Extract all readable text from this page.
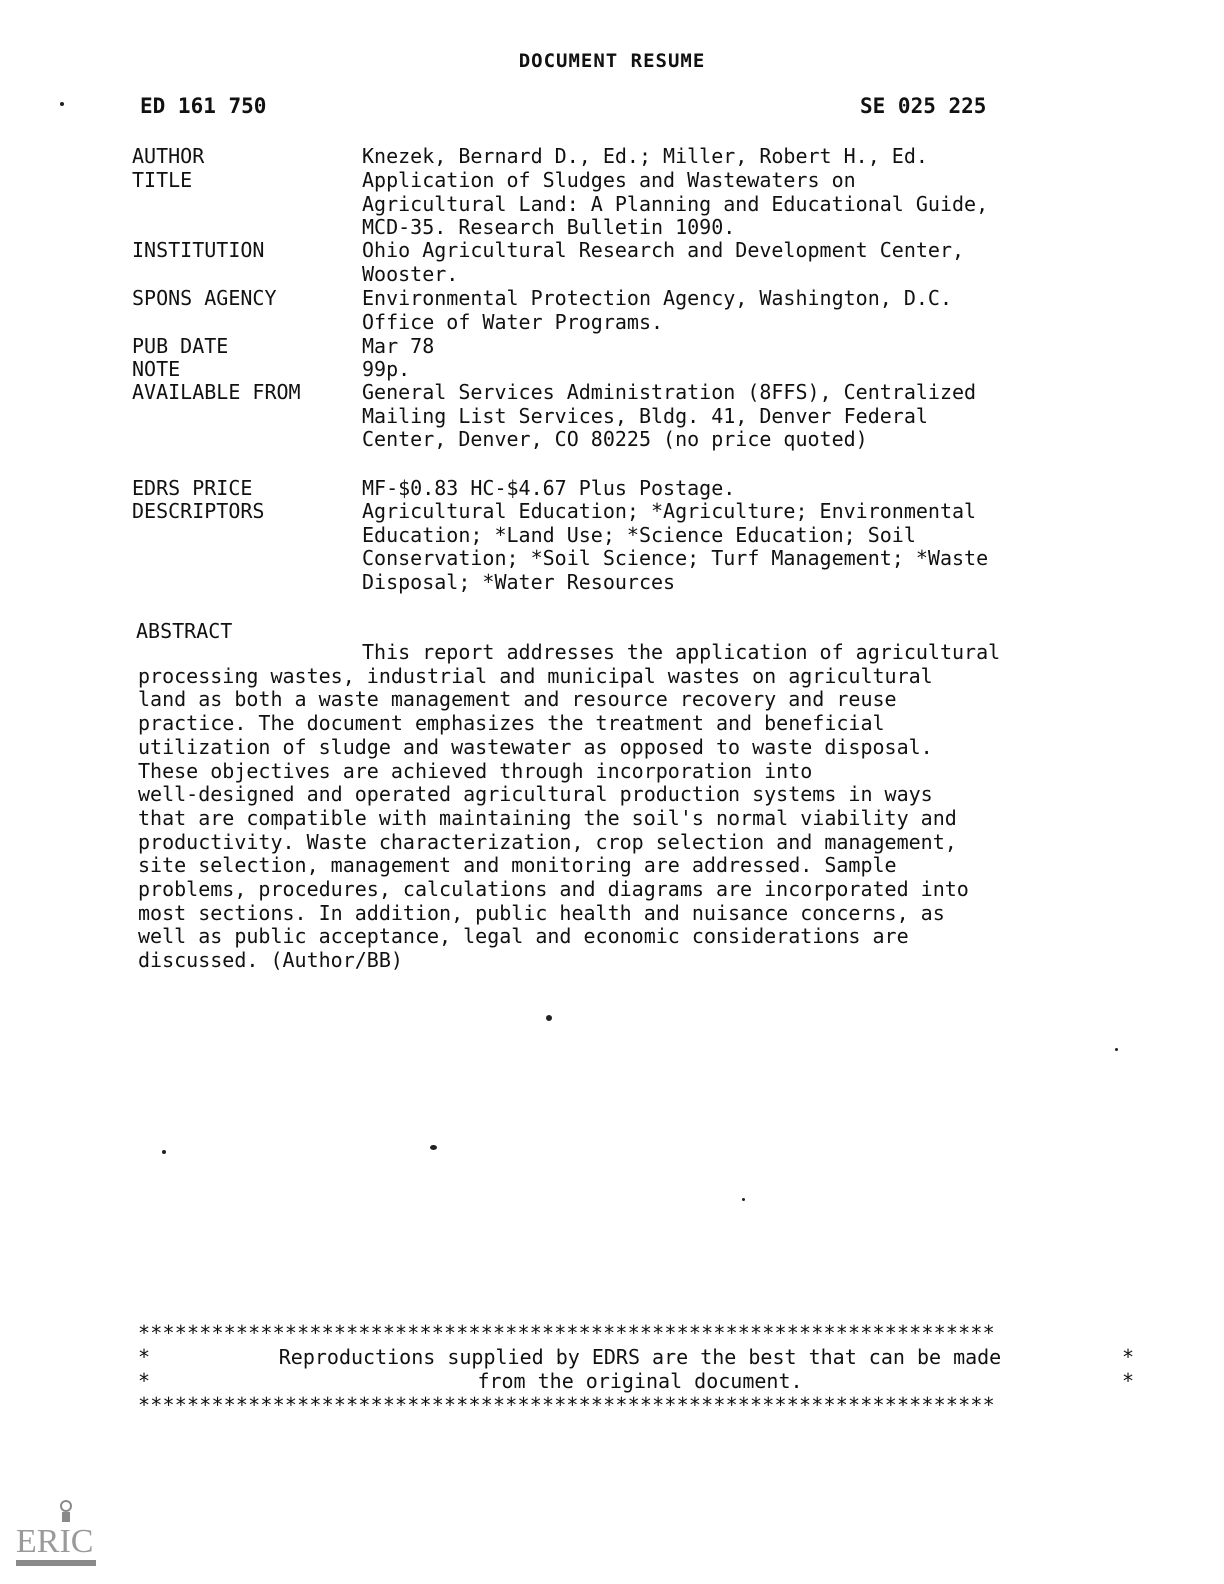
DOCUMENT RESUME
ED 161 750	SE 025 225
AUTHOR	Knezek, Bernard D., Ed.; Miller, Robert H., Ed.
TITLE	Application of Sludges and Wastewaters on
Agricultural Land: A Planning and Educational Guide,
MCD-35. Research Bulletin 1090.
INSTITUTION	Ohio Agricultural Research and Development Center,
Wooster.
SPONS AGENCY	Environmental Protection Agency, Washington, D.C.
Office of Water Programs.
PUB DATE	Mar 78
NOTE	99p.
AVAILABLE FROM	General Services Administration (8FFS), Centralized
Mailing List Services, Bldg. 41, Denver Federal
Center, Denver, CO 80225 (no price quoted)
EDRS PRICE	MF-$0.83 HC-$4.67 Plus Postage.
DESCRIPTORS	Agricultural Education; *Agriculture; Environmental
Education; *Land Use; *Science Education; Soil
Conservation; *Soil Science; Turf Management; *Waste
Disposal; *Water Resources
ABSTRACT
This report addresses the application of agricultural
processing wastes, industrial and municipal wastes on agricultural
land as both a waste management and resource recovery and reuse
practice. The document emphasizes the treatment and beneficial
utilization of sludge and wastewater as opposed to waste disposal.
These objectives are achieved through incorporation into
well-designed and operated agricultural production systems in ways
that are compatible with maintaining the soil's normal viability and
productivity. Waste characterization, crop selection and management,
site selection, management and monitoring are addressed. Sample
problems, procedures, calculations and diagrams are incorporated into
most sections. In addition, public health and nuisance concerns, as
well as public acceptance, legal and economic considerations are
discussed. (Author/BB)
**********************************************************************
*	Reproductions supplied by EDRS are the best that can be made	*
*	from the original document.	*
**********************************************************************
ERIC
